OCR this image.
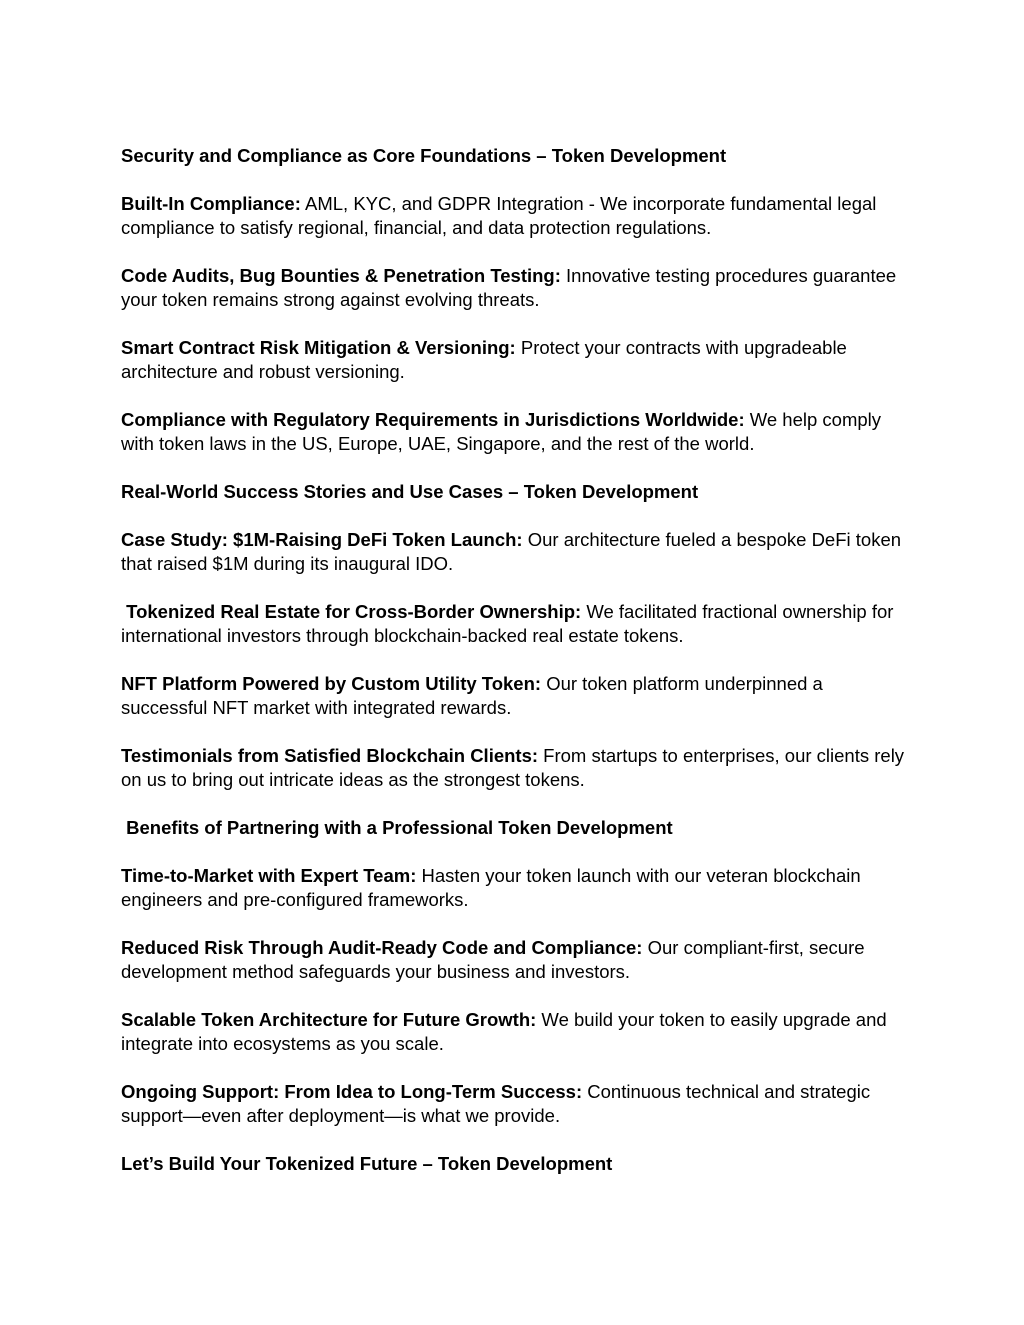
Security and Compliance as Core Foundations – Token Development

Built-In Compliance: AML, KYC, and GDPR Integration - We incorporate fundamental legal compliance to satisfy regional, financial, and data protection regulations.

Code Audits, Bug Bounties & Penetration Testing: Innovative testing procedures guarantee your token remains strong against evolving threats.

Smart Contract Risk Mitigation & Versioning: Protect your contracts with upgradeable architecture and robust versioning.

Compliance with Regulatory Requirements in Jurisdictions Worldwide: We help comply with token laws in the US, Europe, UAE, Singapore, and the rest of the world.

Real-World Success Stories and Use Cases – Token Development

Case Study: $1M-Raising DeFi Token Launch: Our architecture fueled a bespoke DeFi token that raised $1M during its inaugural IDO.

Tokenized Real Estate for Cross-Border Ownership: We facilitated fractional ownership for international investors through blockchain-backed real estate tokens.

NFT Platform Powered by Custom Utility Token: Our token platform underpinned a successful NFT market with integrated rewards.

Testimonials from Satisfied Blockchain Clients: From startups to enterprises, our clients rely on us to bring out intricate ideas as the strongest tokens.

Benefits of Partnering with a Professional Token Development

Time-to-Market with Expert Team: Hasten your token launch with our veteran blockchain engineers and pre-configured frameworks.

Reduced Risk Through Audit-Ready Code and Compliance: Our compliant-first, secure development method safeguards your business and investors.

Scalable Token Architecture for Future Growth: We build your token to easily upgrade and integrate into ecosystems as you scale.

Ongoing Support: From Idea to Long-Term Success: Continuous technical and strategic support—even after deployment—is what we provide.

Let’s Build Your Tokenized Future – Token Development
